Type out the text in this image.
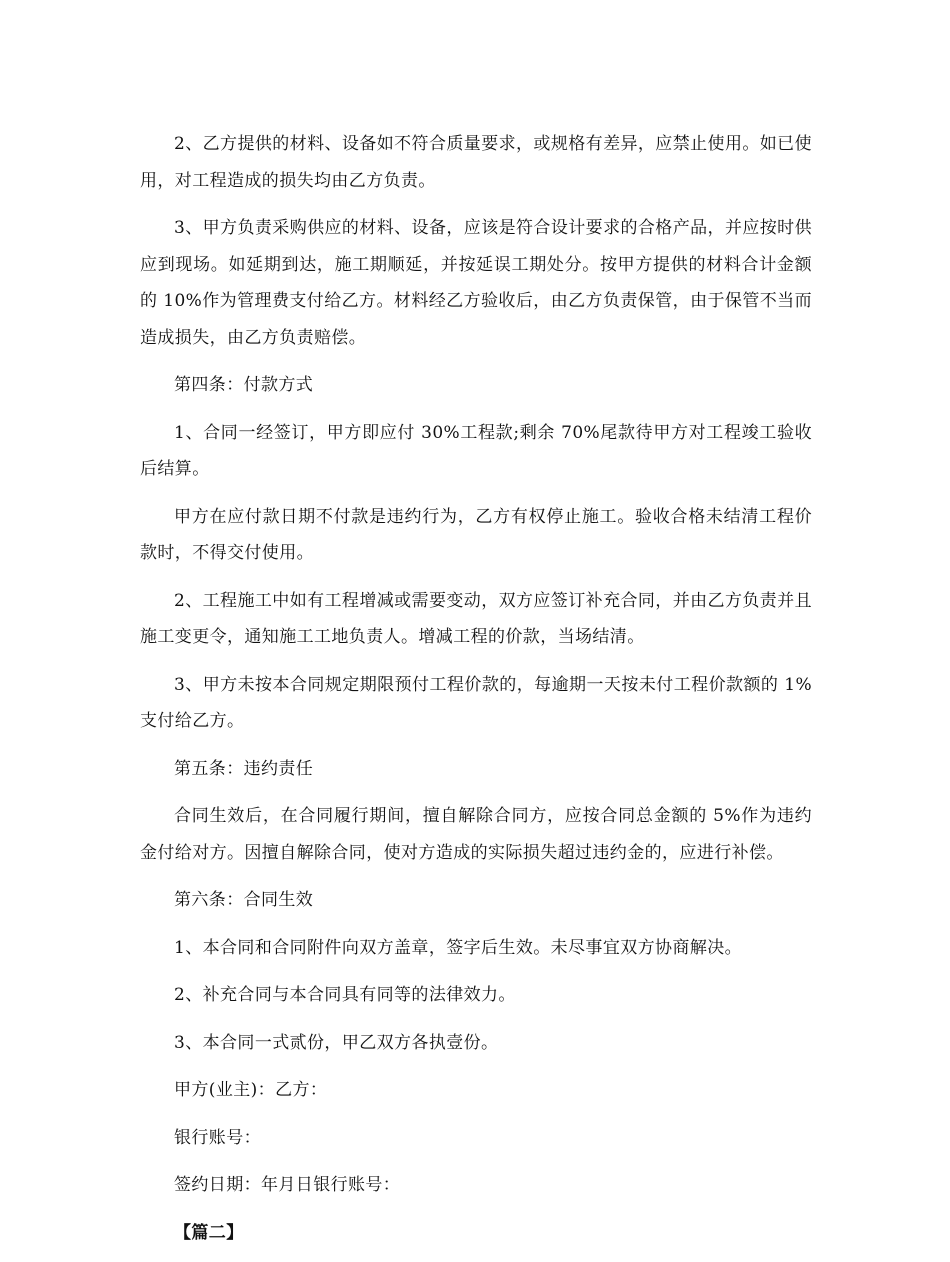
2、乙方提供的材料、设备如不符合质量要求，或规格有差异，应禁止使用。如已使用，对工程造成的损失均由乙方负责。

3、甲方负责采购供应的材料、设备，应该是符合设计要求的合格产品，并应按时供应到现场。如延期到达，施工期顺延，并按延误工期处分。按甲方提供的材料合计金额的 10%作为管理费支付给乙方。材料经乙方验收后，由乙方负责保管，由于保管不当而造成损失，由乙方负责赔偿。

第四条：付款方式

1、合同一经签订，甲方即应付 30%工程款;剩余 70%尾款待甲方对工程竣工验收后结算。

甲方在应付款日期不付款是违约行为，乙方有权停止施工。验收合格未结清工程价款时，不得交付使用。

2、工程施工中如有工程增减或需要变动，双方应签订补充合同，并由乙方负责并且施工变更令，通知施工工地负责人。增减工程的价款，当场结清。

3、甲方未按本合同规定期限预付工程价款的，每逾期一天按未付工程价款额的 1%支付给乙方。

第五条：违约责任

合同生效后，在合同履行期间，擅自解除合同方，应按合同总金额的 5%作为违约金付给对方。因擅自解除合同，使对方造成的实际损失超过违约金的，应进行补偿。

第六条：合同生效

1、本合同和合同附件向双方盖章，签字后生效。未尽事宜双方协商解决。

2、补充合同与本合同具有同等的法律效力。

3、本合同一式贰份，甲乙双方各执壹份。

甲方(业主)：乙方：

银行账号：

签约日期：年月日银行账号：

【篇二】
